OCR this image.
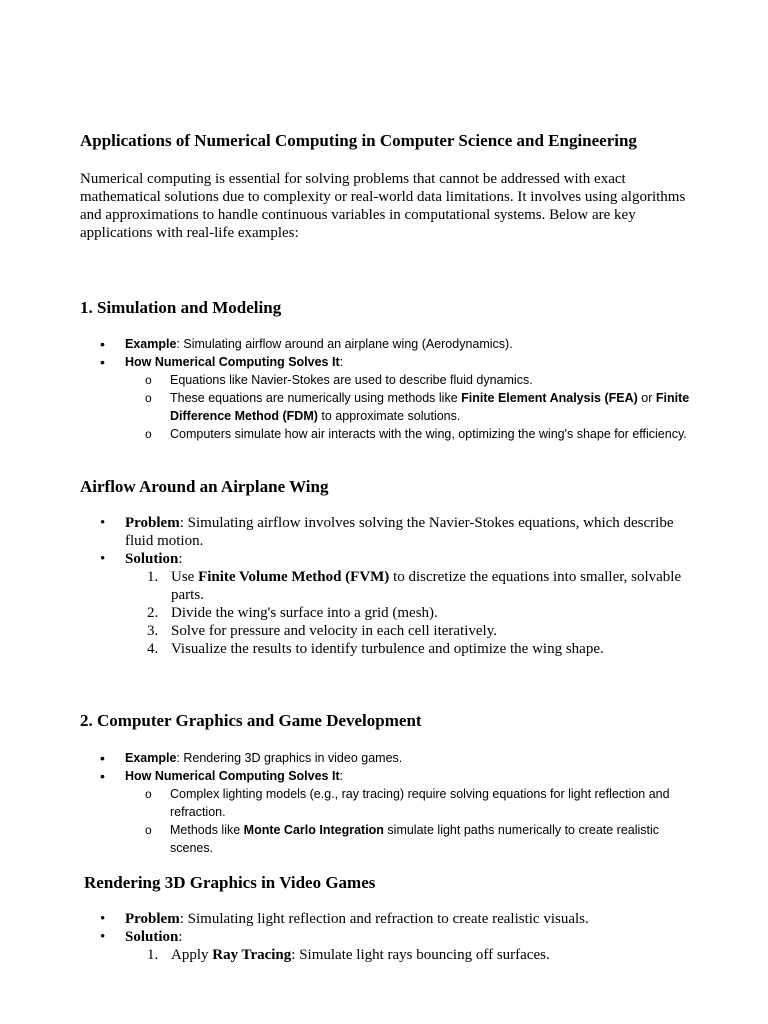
Applications of Numerical Computing in Computer Science and Engineering
Numerical computing is essential for solving problems that cannot be addressed with exact mathematical solutions due to complexity or real-world data limitations. It involves using algorithms and approximations to handle continuous variables in computational systems. Below are key applications with real-life examples:
1. Simulation and Modeling
• Example: Simulating airflow around an airplane wing (Aerodynamics).
• How Numerical Computing Solves It:
o Equations like Navier-Stokes are used to describe fluid dynamics.
o These equations are numerically using methods like Finite Element Analysis (FEA) or Finite Difference Method (FDM) to approximate solutions.
o Computers simulate how air interacts with the wing, optimizing the wing's shape for efficiency.
Airflow Around an Airplane Wing
• Problem: Simulating airflow involves solving the Navier-Stokes equations, which describe fluid motion.
• Solution:
1. Use Finite Volume Method (FVM) to discretize the equations into smaller, solvable parts.
2. Divide the wing's surface into a grid (mesh).
3. Solve for pressure and velocity in each cell iteratively.
4. Visualize the results to identify turbulence and optimize the wing shape.
2. Computer Graphics and Game Development
• Example: Rendering 3D graphics in video games.
• How Numerical Computing Solves It:
o Complex lighting models (e.g., ray tracing) require solving equations for light reflection and refraction.
o Methods like Monte Carlo Integration simulate light paths numerically to create realistic scenes.
Rendering 3D Graphics in Video Games
• Problem: Simulating light reflection and refraction to create realistic visuals.
• Solution:
1. Apply Ray Tracing: Simulate light rays bouncing off surfaces.
